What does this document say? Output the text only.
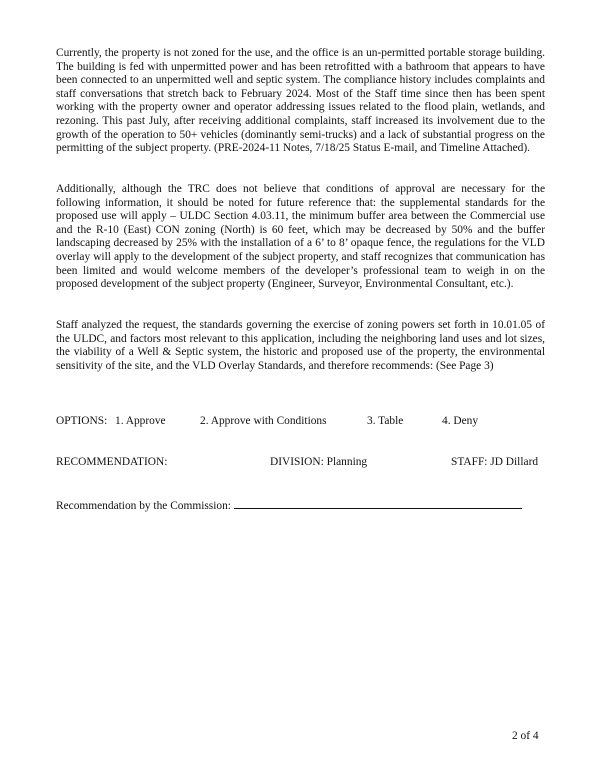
Currently, the property is not zoned for the use, and the office is an un-permitted portable storage building. The building is fed with unpermitted power and has been retrofitted with a bathroom that appears to have been connected to an unpermitted well and septic system. The compliance history includes complaints and staff conversations that stretch back to February 2024. Most of the Staff time since then has been spent working with the property owner and operator addressing issues related to the flood plain, wetlands, and rezoning. This past July, after receiving additional complaints, staff increased its involvement due to the growth of the operation to 50+ vehicles (dominantly semi-trucks) and a lack of substantial progress on the permitting of the subject property. (PRE-2024-11 Notes, 7/18/25 Status E-mail, and Timeline Attached).

Additionally, although the TRC does not believe that conditions of approval are necessary for the following information, it should be noted for future reference that: the supplemental standards for the proposed use will apply – ULDC Section 4.03.11, the minimum buffer area between the Commercial use and the R-10 (East) CON zoning (North) is 60 feet, which may be decreased by 50% and the buffer landscaping decreased by 25% with the installation of a 6’ to 8’ opaque fence, the regulations for the VLD overlay will apply to the development of the subject property, and staff recognizes that communication has been limited and would welcome members of the developer’s professional team to weigh in on the proposed development of the subject property (Engineer, Surveyor, Environmental Consultant, etc.).

Staff analyzed the request, the standards governing the exercise of zoning powers set forth in 10.01.05 of the ULDC, and factors most relevant to this application, including the neighboring land uses and lot sizes, the viability of a Well & Septic system, the historic and proposed use of the property, the environmental sensitivity of the site, and the VLD Overlay Standards, and therefore recommends: (See Page 3)

OPTIONS: 1. Approve	2. Approve with Conditions	3. Table	4. Deny
RECOMMENDATION:	DIVISION: Planning	STAFF: JD Dillard
Recommendation by the Commission:
2 of 4
